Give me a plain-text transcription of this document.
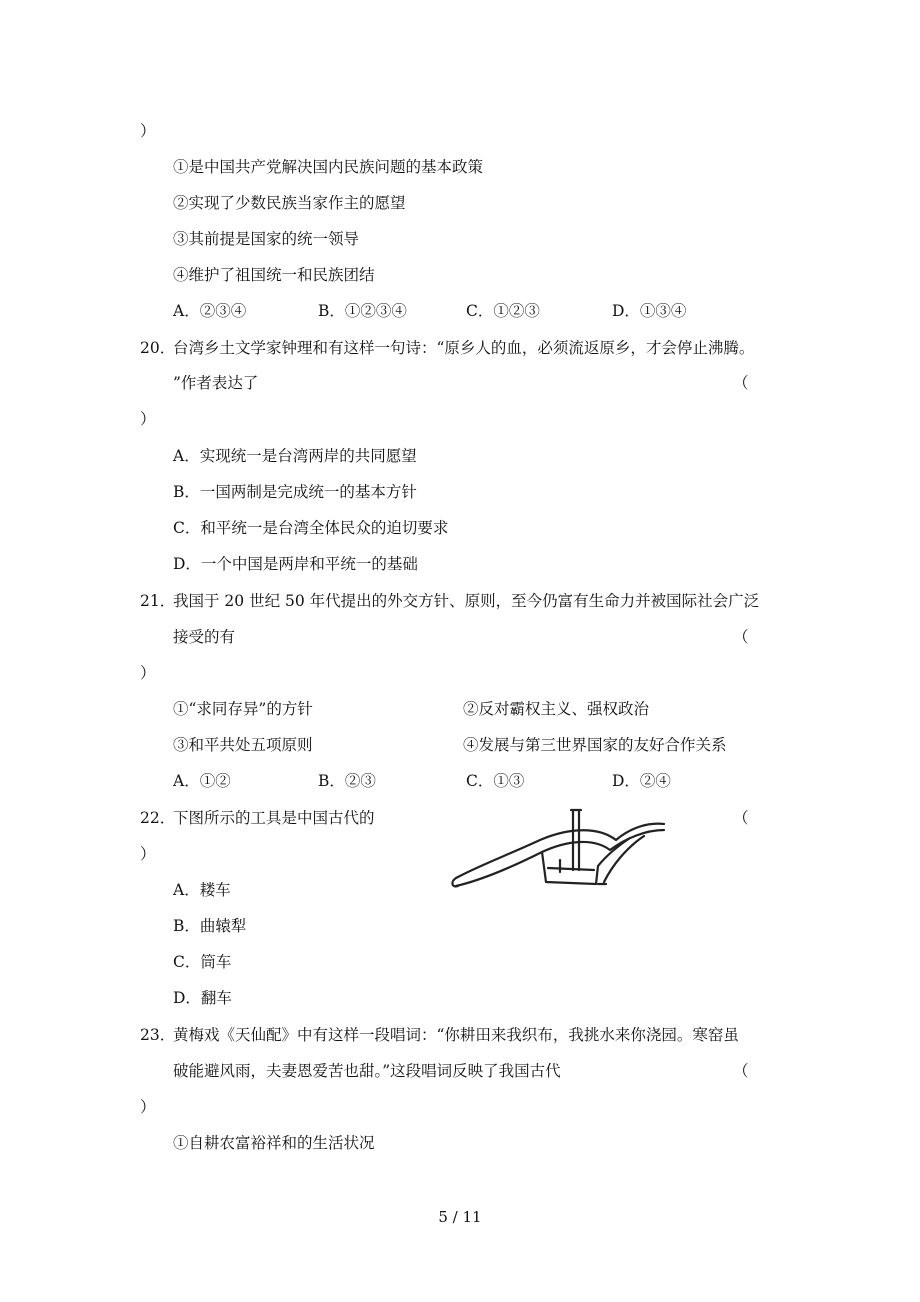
）
①是中国共产党解决国内民族问题的基本政策
②实现了少数民族当家作主的愿望
③其前提是国家的统一领导
④维护了祖国统一和民族团结
A．②③④	B．①②③④	C．①②③	D．①③④
20．
台湾乡土文学家钟理和有这样一句诗：“原乡人的血，必须流返原乡，才会停止沸腾。
”作者表达了	（
）
A．实现统一是台湾两岸的共同愿望
B．一国两制是完成统一的基本方针
C．和平统一是台湾全体民众的迫切要求
D．一个中国是两岸和平统一的基础
21．
我国于 20 世纪 50 年代提出的外交方针、原则，至今仍富有生命力并被国际社会广泛
接受的有	（
）
①“求同存异”的方针	②反对霸权主义、强权政治
③和平共处五项原则	④发展与第三世界国家的友好合作关系
A．①②	B．②③	C．①③	D．②④
22．
下图所示的工具是中国古代的	（
）
A．耧车
B．曲辕犁
C．筒车
D．翻车
23．
黄梅戏《天仙配》中有这样一段唱词：“你耕田来我织布，我挑水来你浇园。寒窑虽
破能避风雨，夫妻恩爱苦也甜。”这段唱词反映了我国古代	（
）
①自耕农富裕祥和的生活状况
5 / 11
